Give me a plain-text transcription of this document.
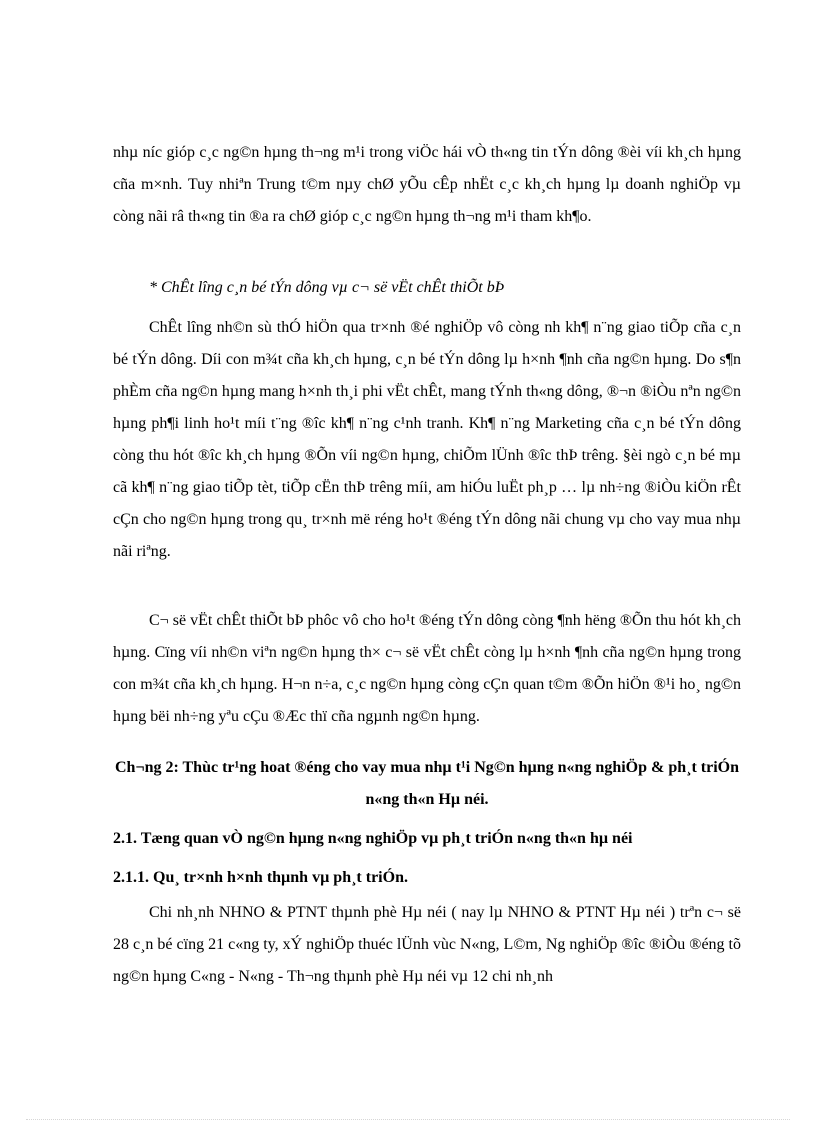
nhµ níc gióp c¸c ng©n hµng th¬ng m¹i trong viÖc hái vÒ th«ng tin tÝn dông ®èi víi kh¸ch hµng cña m×nh. Tuy nhiªn Trung t©m nµy chØ yÕu cÊp nhËt c¸c kh¸ch hµng lµ doanh nghiÖp vµ còng nãi râ th«ng tin ®a ra chØ gióp c¸c ng©n hµng th¬ng m¹i tham kh¶o.

* ChÊt lîng c¸n bé tÝn dông vµ c¬ së vËt chÊt thiÕt bÞ

ChÊt lîng nh©n sù thÓ hiÖn qua tr×nh ®é nghiÖp vô còng nh kh¶ n¨ng giao tiÕp cña c¸n bé tÝn dông. Díi con m¾t cña kh¸ch hµng, c¸n bé tÝn dông lµ h×nh ¶nh cña ng©n hµng. Do s¶n phÈm cña ng©n hµng mang h×nh th¸i phi vËt chÊt, mang tÝnh th«ng dông, ®¬n ®iÒu nªn ng©n hµng ph¶i linh ho¹t míi t¨ng ®îc kh¶ n¨ng c¹nh tranh. Kh¶ n¨ng Marketing cña c¸n bé tÝn dông còng thu hót ®îc kh¸ch hµng ®Õn víi ng©n hµng, chiÕm lÜnh ®îc thÞ trêng. §èi ngò c¸n bé mµ cã kh¶ n¨ng giao tiÕp tèt, tiÕp cËn thÞ trêng míi, am hiÓu luËt ph¸p … lµ nh÷ng ®iÒu kiÖn rÊt cÇn cho ng©n hµng trong qu¸ tr×nh më réng ho¹t ®éng tÝn dông nãi chung vµ cho vay mua nhµ nãi riªng.

C¬ së vËt chÊt thiÕt bÞ phôc vô cho ho¹t ®éng tÝn dông còng ¶nh hëng ®Õn thu hót kh¸ch hµng. Cïng víi nh©n viªn ng©n hµng th× c¬ së vËt chÊt còng lµ h×nh ¶nh cña ng©n hµng trong con m¾t cña kh¸ch hµng. H¬n n÷a, c¸c ng©n hµng còng cÇn quan t©m ®Õn hiÖn ®¹i ho¸ ng©n hµng bëi nh÷ng yªu cÇu ®Æc thï cña ngµnh ng©n hµng.

Ch¬ng 2: Thùc tr¹ng hoat ®éng cho vay mua nhµ t¹i Ng©n hµng n«ng nghiÖp & ph¸t triÓn n«ng th«n Hµ néi.

2.1. Tæng quan vÒ ng©n hµng n«ng nghiÖp vµ ph¸t triÓn n«ng th«n hµ néi

2.1.1. Qu¸ tr×nh h×nh thµnh vµ ph¸t triÓn.

Chi nh¸nh NHNO & PTNT thµnh phè Hµ néi ( nay lµ NHNO & PTNT Hµ néi ) trªn c¬ së 28 c¸n bé cïng 21 c«ng ty, xÝ nghiÖp thuéc lÜnh vùc N«ng, L©m, Ng nghiÖp ®îc ®iÒu ®éng tõ ng©n hµng C«ng - N«ng - Th¬ng thµnh phè Hµ néi vµ 12 chi nh¸nh
